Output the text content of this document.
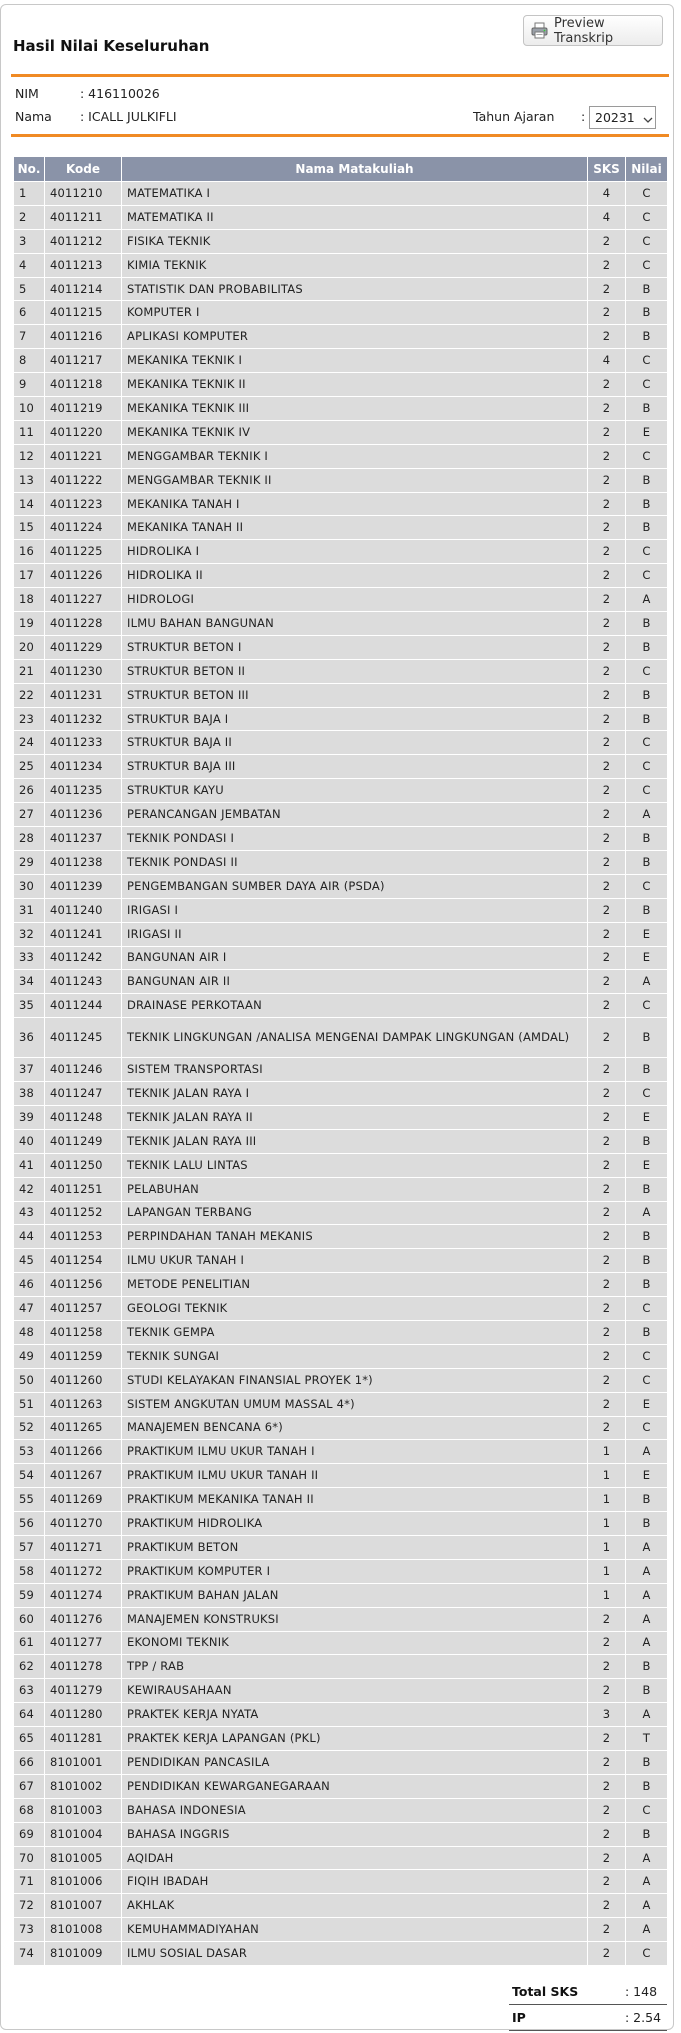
Preview Transkrip
Hasil Nilai Keseluruhan
NIM	: 416110026
Nama : ICALL JULKIFLI	Tahun Ajaran : 20231
No.	Kode	Nama Matakuliah	SKS	Nilai
1	4011210	MATEMATIKA I	4	C
2	4011211	MATEMATIKA II	4	C
3	4011212	FISIKA TEKNIK	2	C
4	4011213	KIMIA TEKNIK	2	C
5	4011214	STATISTIK DAN PROBABILITAS	2	B
6	4011215	KOMPUTER I	2	B
7	4011216	APLIKASI KOMPUTER	2	B
8	4011217	MEKANIKA TEKNIK I	4	C
9	4011218	MEKANIKA TEKNIK II	2	C
10	4011219	MEKANIKA TEKNIK III	2	B
11	4011220	MEKANIKA TEKNIK IV	2	E
12	4011221	MENGGAMBAR TEKNIK I	2	C
13	4011222	MENGGAMBAR TEKNIK II	2	B
14	4011223	MEKANIKA TANAH I	2	B
15	4011224	MEKANIKA TANAH II	2	B
16	4011225	HIDROLIKA I	2	C
17	4011226	HIDROLIKA II	2	C
18	4011227	HIDROLOGI	2	A
19	4011228	ILMU BAHAN BANGUNAN	2	B
20	4011229	STRUKTUR BETON I	2	B
21	4011230	STRUKTUR BETON II	2	C
22	4011231	STRUKTUR BETON III	2	B
23	4011232	STRUKTUR BAJA I	2	B
24	4011233	STRUKTUR BAJA II	2	C
25	4011234	STRUKTUR BAJA III	2	C
26	4011235	STRUKTUR KAYU	2	C
27	4011236	PERANCANGAN JEMBATAN	2	A
28	4011237	TEKNIK PONDASI I	2	B
29	4011238	TEKNIK PONDASI II	2	B
30	4011239	PENGEMBANGAN SUMBER DAYA AIR (PSDA)	2	C
31	4011240	IRIGASI I	2	B
32	4011241	IRIGASI II	2	E
33	4011242	BANGUNAN AIR I	2	E
34	4011243	BANGUNAN AIR II	2	A
35	4011244	DRAINASE PERKOTAAN	2	C
36	4011245	TEKNIK LINGKUNGAN /ANALISA MENGENAI DAMPAK LINGKUNGAN (AMDAL)	2	B
37	4011246	SISTEM TRANSPORTASI	2	B
38	4011247	TEKNIK JALAN RAYA I	2	C
39	4011248	TEKNIK JALAN RAYA II	2	E
40	4011249	TEKNIK JALAN RAYA III	2	B
41	4011250	TEKNIK LALU LINTAS	2	E
42	4011251	PELABUHAN	2	B
43	4011252	LAPANGAN TERBANG	2	A
44	4011253	PERPINDAHAN TANAH MEKANIS	2	B
45	4011254	ILMU UKUR TANAH I	2	B
46	4011256	METODE PENELITIAN	2	B
47	4011257	GEOLOGI TEKNIK	2	C
48	4011258	TEKNIK GEMPA	2	B
49	4011259	TEKNIK SUNGAI	2	C
50	4011260	STUDI KELAYAKAN FINANSIAL PROYEK 1*)	2	C
51	4011263	SISTEM ANGKUTAN UMUM MASSAL 4*)	2	E
52	4011265	MANAJEMEN BENCANA 6*)	2	C
53	4011266	PRAKTIKUM ILMU UKUR TANAH I	1	A
54	4011267	PRAKTIKUM ILMU UKUR TANAH II	1	E
55	4011269	PRAKTIKUM MEKANIKA TANAH II	1	B
56	4011270	PRAKTIKUM HIDROLIKA	1	B
57	4011271	PRAKTIKUM BETON	1	A
58	4011272	PRAKTIKUM KOMPUTER I	1	A
59	4011274	PRAKTIKUM BAHAN JALAN	1	A
60	4011276	MANAJEMEN KONSTRUKSI	2	A
61	4011277	EKONOMI TEKNIK	2	A
62	4011278	TPP / RAB	2	B
63	4011279	KEWIRAUSAHAAN	2	B
64	4011280	PRAKTEK KERJA NYATA	3	A
65	4011281	PRAKTEK KERJA LAPANGAN (PKL)	2	T
66	8101001	PENDIDIKAN PANCASILA	2	B
67	8101002	PENDIDIKAN KEWARGANEGARAAN	2	B
68	8101003	BAHASA INDONESIA	2	C
69	8101004	BAHASA INGGRIS	2	B
70	8101005	AQIDAH	2	A
71	8101006	FIQIH IBADAH	2	A
72	8101007	AKHLAK	2	A
73	8101008	KEMUHAMMADIYAHAN	2	A
74	8101009	ILMU SOSIAL DASAR	2	C
Total SKS	: 148
IP	: 2.54
